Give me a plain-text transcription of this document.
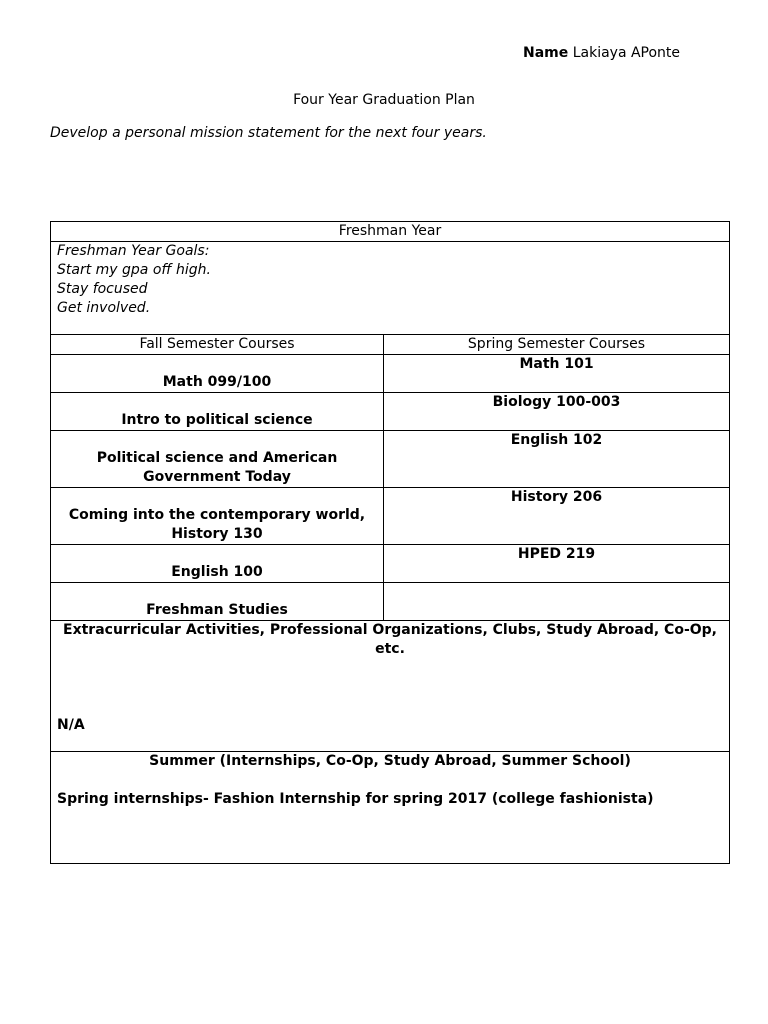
Name Lakiaya APonte
Four Year Graduation Plan
Develop a personal mission statement for the next four years.
Freshman Year	

Freshman Year Goals:
Start my gpa off high.
Stay focused
Get involved.	

Fall Semester Courses	Spring Semester Courses
Math 099/100	Math 101
Intro to political science	Biology 100-003
Political science and American Government Today	English 102
Coming into the contemporary world, History 130	History 206
English 100	HPED 219
Freshman Studies	

Extracurricular Activities, Professional Organizations, Clubs, Study Abroad, Co-Op, etc.
N/A	

Summer (Internships, Co-Op, Study Abroad, Summer School)
Spring internships- Fashion Internship for spring 2017 (college fashionista)	
